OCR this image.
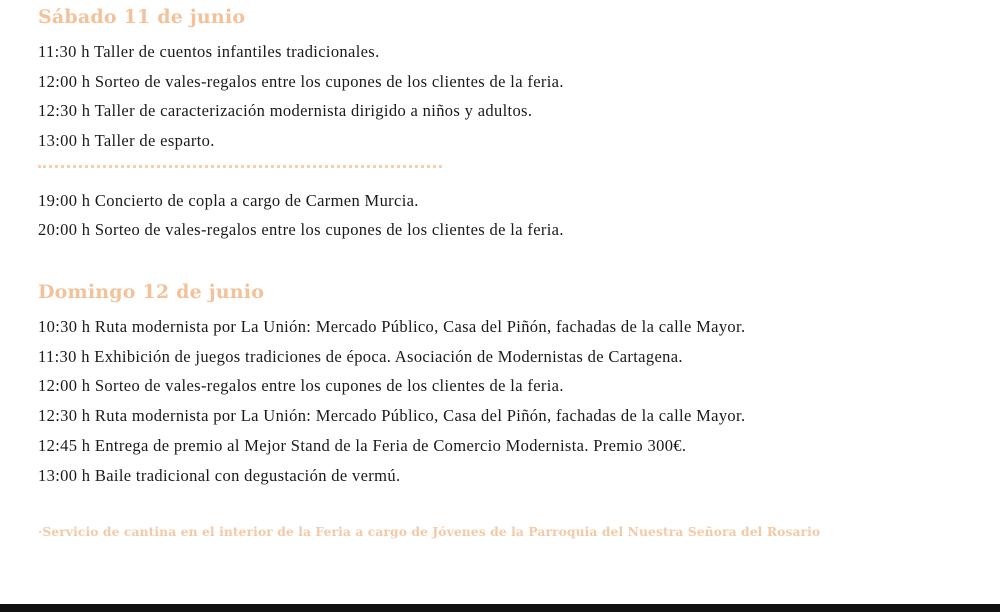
Sábado 11 de junio
11:30 h Taller de cuentos infantiles tradicionales.
12:00 h Sorteo de vales-regalos entre los cupones de los clientes de la feria.
12:30 h Taller de caracterización modernista dirigido a niños y adultos.
13:00 h Taller de esparto.
19:00 h Concierto de copla a cargo de Carmen Murcia.
20:00 h Sorteo de vales-regalos entre los cupones de los clientes de la feria.
Domingo 12 de junio
10:30 h Ruta modernista por La Unión: Mercado Público, Casa del Piñón, fachadas de la calle Mayor.
11:30 h Exhibición de juegos tradiciones de época. Asociación de Modernistas de Cartagena.
12:00 h Sorteo de vales-regalos entre los cupones de los clientes de la feria.
12:30 h Ruta modernista por La Unión: Mercado Público, Casa del Piñón, fachadas de la calle Mayor.
12:45 h Entrega de premio al Mejor Stand de la Feria de Comercio Modernista. Premio 300€.
13:00 h Baile tradicional con degustación de vermú.
·Servicio de cantina en el interior de la Feria a cargo de Jóvenes de la Parroquia del Nuestra Señora del Rosario
